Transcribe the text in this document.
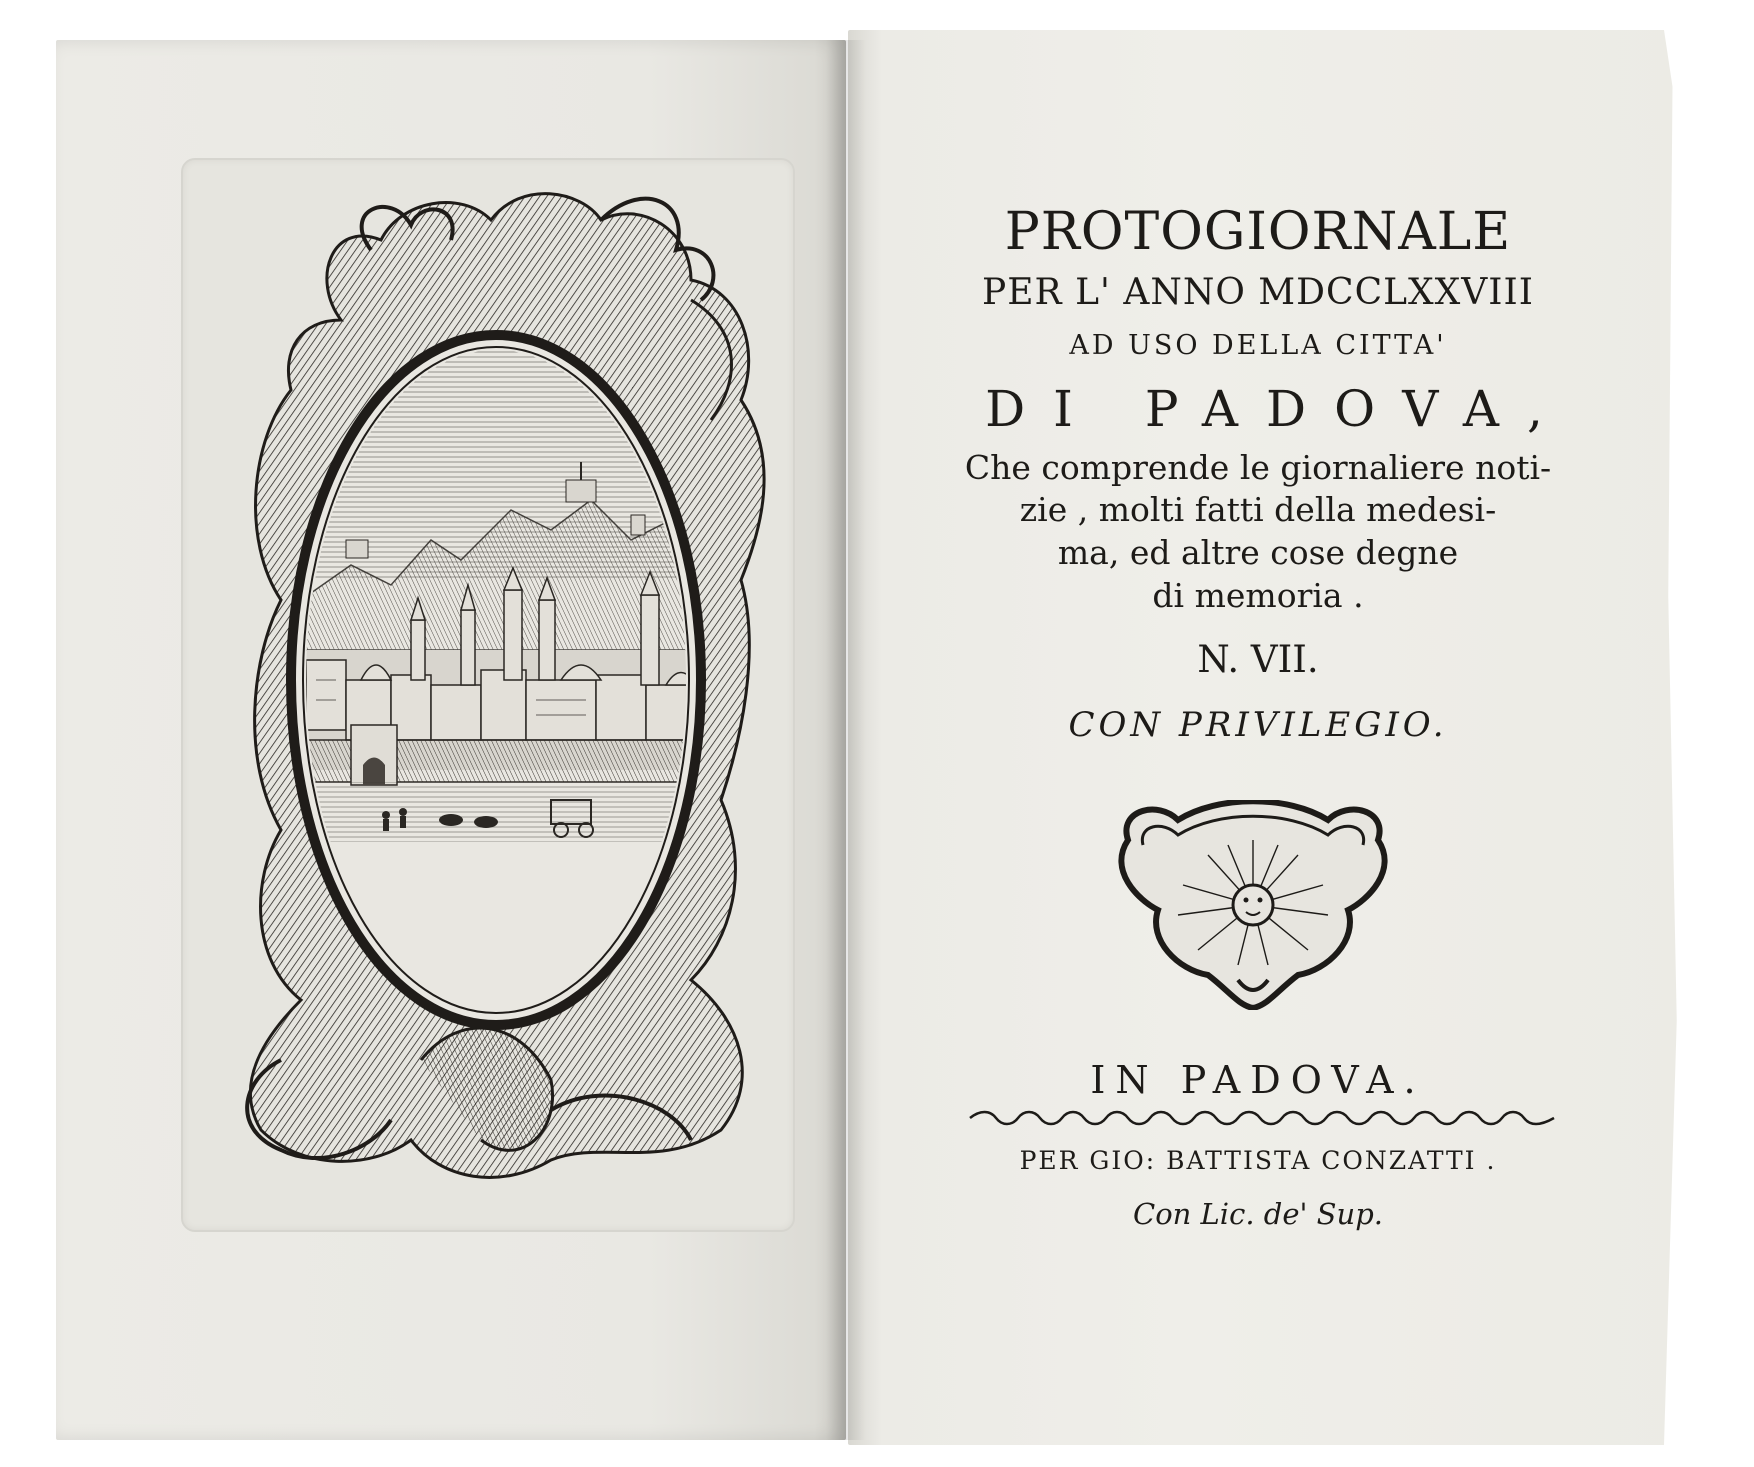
PROTOGIORNALE
PER L' ANNO MDCCLXXVIII
AD USO DELLA CITTA'
DI PADOVA,
Che comprende le giornaliere noti-
zie , molti fatti della medesi-
ma, ed altre cose degne
di memoria .
N. VII.
CON PRIVILEGIO.
IN PADOVA.
PER GIO: BATTISTA CONZATTI .
Con Lic. de' Sup.
